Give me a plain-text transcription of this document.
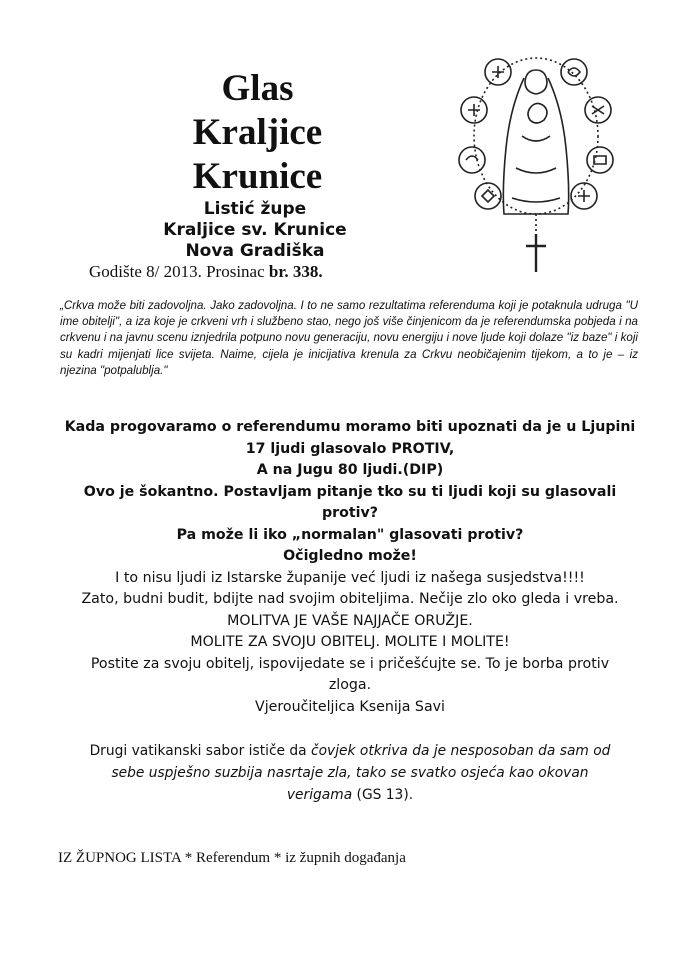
Glas
Kraljice
Krunice
Listić župe
Kraljice sv. Krunice
Nova Gradiška
Godište 8/ 2013. Prosinac br. 338.
„Crkva može biti zadovoljna. Jako zadovoljna. I to ne samo rezultatima referenduma koji je potaknula udruga "U ime obitelji", a iza koje je crkveni vrh i službeno stao, nego još više činjenicom da je referendumska pobjeda i na crkvenu i na javnu scenu iznjedrila potpuno novu generaciju, novu energiju i nove ljude koji dolaze "iz baze" i koji su kadri mijenjati lice svijeta. Naime, cijela je inicijativa krenula za Crkvu neobičajenim tijekom, a to je – iz njezina "potpalublja."

Kada progovaramo o referendumu moramo biti upoznati da je u Ljupini

17 ljudi glasovalo PROTIV,

A na Jugu 80 ljudi.(DIP)

Ovo je šokantno. Postavljam pitanje tko su ti ljudi koji su glasovali

protiv?

Pa može li iko „normalan" glasovati protiv?

Očigledno može!

I to nisu ljudi iz Istarske županije već ljudi iz našega susjedstva!!!!

Zato, budni budit, bdijte nad svojim obiteljima. Nečije zlo oko gleda i vreba.

MOLITVA JE VAŠE NAJJAČE ORUŽJE.

MOLITE ZA SVOJU OBITELJ. MOLITE I MOLITE!

Postite za svoju obitelj, ispovijedate se i pričešćujte se. To je borba protiv

zloga.

Vjeroučiteljica Ksenija Savi

Drugi vatikanski sabor ističe da čovjek otkriva da je nesposoban da sam od
sebe uspješno suzbija nasrtaje zla, tako se svatko osjeća kao okovan
verigama (GS 13).

IZ ŽUPNOG LISTA * Referendum * iz župnih događanja
